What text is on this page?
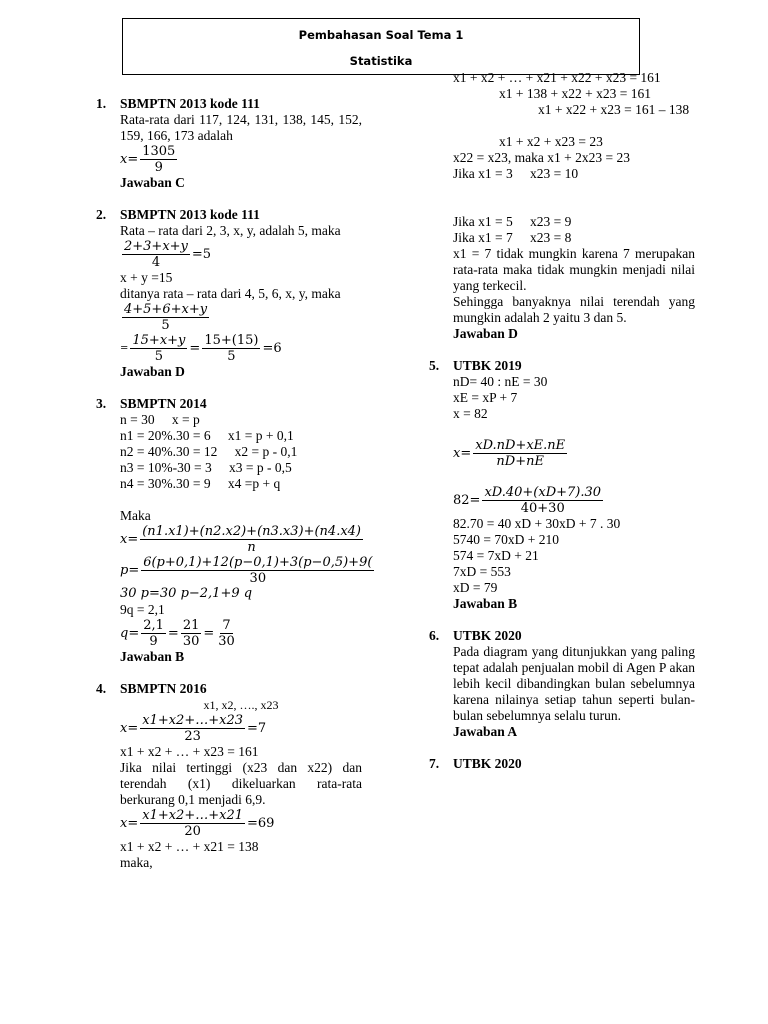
Pembahasan Soal Tema 1
Statistika
1. SBMPTN 2013 kode 111
Rata-rata dari 117, 124, 131, 138, 145, 152, 159, 166, 173 adalah
$x= \frac{1305}{9}$
Jawaban C
2. SBMPTN 2013 kode 111
Rata – rata dari 2, 3, x, y, adalah 5, maka
$\frac{2+3+x+y}{4} =5$
x + y =15
ditanya rata – rata dari 4, 5, 6, x, y, maka
$\frac{4+5+6+x+y}{5}$
= $\frac{15+x+y}{5} = \frac{15+(15)}{5} =6$
Jawaban D
3. SBMPTN 2014
n = 30   x = p
n1 = 20%.30 = 6   x1 = p + 0,1
n2 = 40%.30 = 12   x2 = p - 0,1
n3 = 10%-30 = 3   x3 = p - 0,5
n4 = 30%.30 = 9   x4 =p + q
Maka
$x= \frac{(n1.x1)+(n2.x2)+(n3.x3)+(n4.x4)}{n}$
$p= \frac{6(p+0,1)+12(p-0,1)+3(p-0,5)+9(}{30}$
30 p=30 p−2,1+9 q
9q = 2,1
$q= \frac{2,1}{9} = \frac{21}{30} = \frac{7}{30}$
Jawaban B
4. SBMPTN 2016
x1, x2, …., x23
$x= \frac{x1+x2+\dots+x23}{23} =7$
x1 + x2 + … + x23 = 161
Jika nilai tertinggi (x23 dan x22) dan terendah (x1) dikeluarkan rata-rata berkurang 0,1 menjadi 6,9.
$x= \frac{x1+x2+\dots+x21}{20} =69$
x1 + x2 + … + x21 = 138
maka,
x1 + x2 + … + x21 + x22 + x23 = 161
x1 + 138 + x22 + x23 = 161
x1 + x22 + x23 = 161 – 138
x1 + x2 + x23 = 23
x22 = x23, maka x1 + 2x23 = 23
Jika x1 = 3   x23 = 10
Jika x1 = 5   x23 = 9
Jika x1 = 7   x23 = 8
x1 = 7 tidak mungkin karena 7 merupakan rata-rata maka tidak mungkin menjadi nilai yang terkecil.
Sehingga banyaknya nilai terendah yang mungkin adalah 2 yaitu 3 dan 5.
Jawaban D
5. UTBK 2019
nD= 40 : nE = 30
xE = xP + 7
x = 82
$x= \frac{xD.nD+xE.nE}{nD+nE}$
$82= \frac{xD.40+(xD+7).30}{40+30}$
82.70 = 40 xD + 30xD + 7 . 30
5740 = 70xD + 210
574 = 7xD + 21
7xD = 553
xD = 79
Jawaban B
6. UTBK 2020
Pada diagram yang ditunjukkan yang paling tepat adalah penjualan mobil di Agen P akan lebih kecil dibandingkan bulan sebelumnya karena nilainya setiap tahun seperti bulan-bulan sebelumnya selalu turun.
Jawaban A
7. UTBK 2020
